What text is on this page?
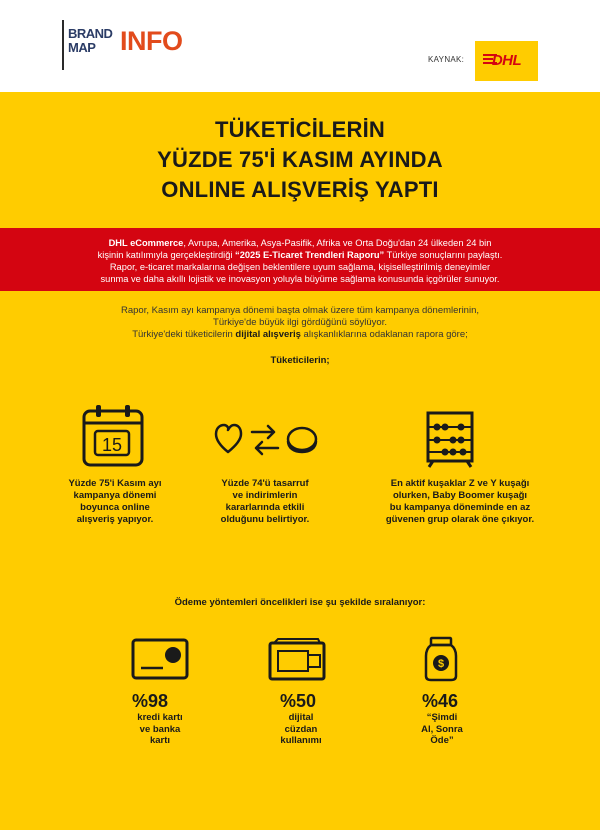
BRAND
MAP INFO
KAYNAK:	DHL
TÜKETİCİLERİN
YÜZDE 75'İ KASIM AYINDA
ONLINE ALIŞVERİŞ YAPTI
DHL eCommerce, Avrupa, Amerika, Asya-Pasifik, Afrika ve Orta Doğu'dan 24 ülkeden 24 bin
kişinin katılımıyla gerçekleştirdiği “2025 E-Ticaret Trendleri Raporu” Türkiye sonuçlarını paylaştı.
Rapor, e-ticaret markalarına değişen beklentilere uyum sağlama, kişiselleştirilmiş deneyimler
sunma ve daha akıllı lojistik ve inovasyon yoluyla büyüme sağlama konusunda içgörüler sunuyor.
Rapor, Kasım ayı kampanya dönemi başta olmak üzere tüm kampanya dönemlerinin,
Türkiye'de büyük ilgi gördüğünü söylüyor.
Türkiye'deki tüketicilerin dijital alışveriş alışkanlıklarına odaklanan rapora göre;
Tüketicilerin;
15
Yüzde 75'i Kasım ayı
kampanya dönemi
boyunca online
alışveriş yapıyor.
Yüzde 74'ü tasarruf
ve indirimlerin
kararlarında etkili
olduğunu belirtiyor.
En aktif kuşaklar Z ve Y kuşağı
olurken, Baby Boomer kuşağı
bu kampanya döneminde en az
güvenen grup olarak öne çıkıyor.
Ödeme yöntemleri öncelikleri ise şu şekilde sıralanıyor:
$
%98
kredi kartı
ve banka
kartı
%50
dijital
cüzdan
kullanımı
%46
“Şimdi
Al, Sonra
Öde”
